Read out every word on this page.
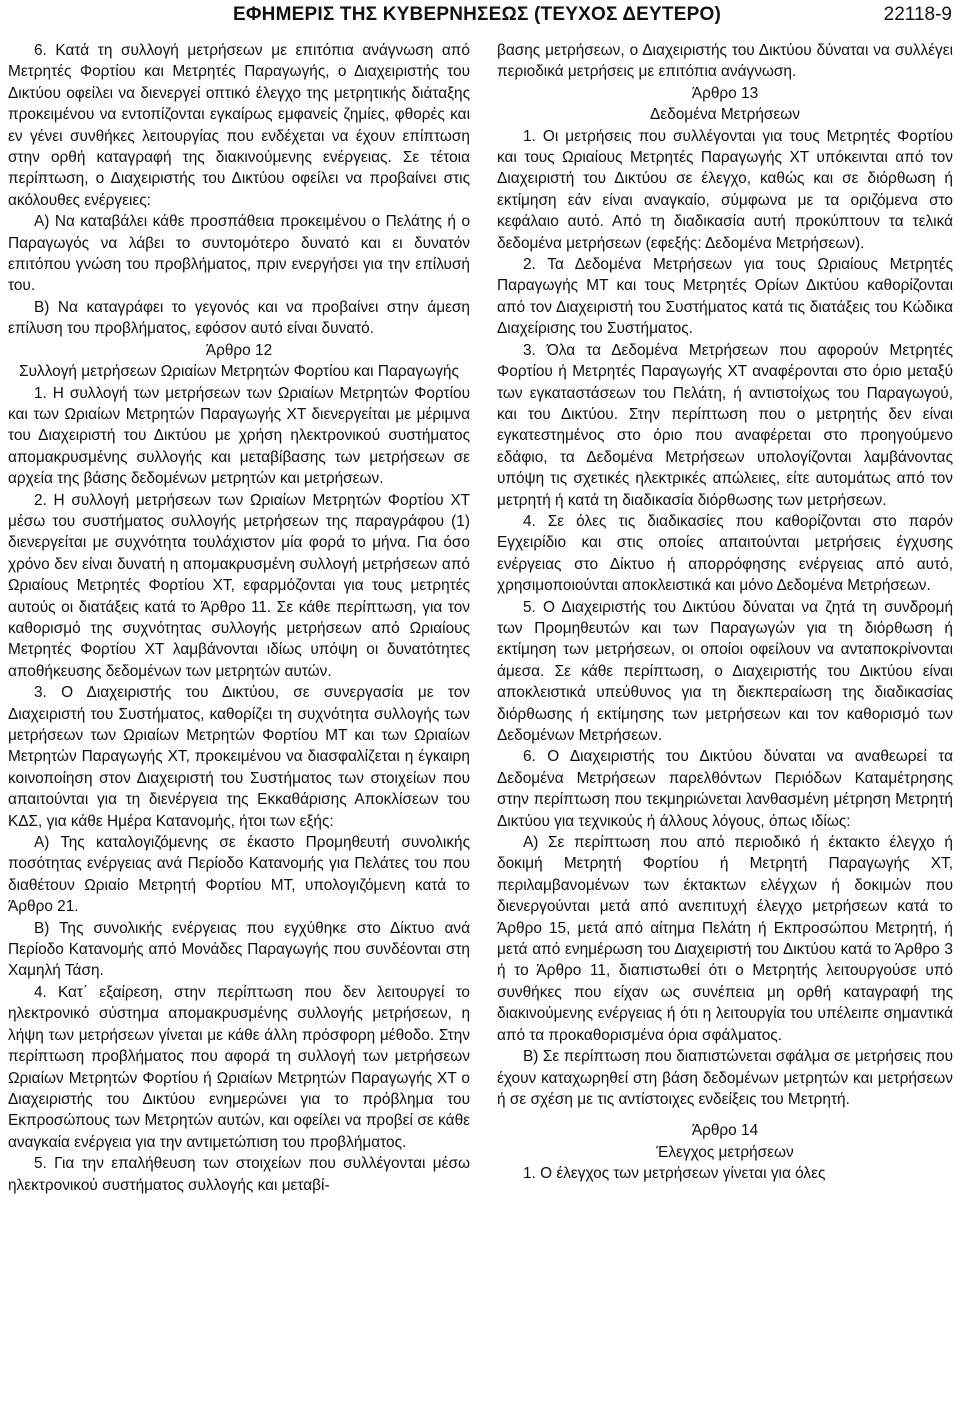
ΕΦΗΜΕΡΙΣ ΤΗΣ ΚΥΒΕΡΝΗΣΕΩΣ (ΤΕΥΧΟΣ ΔΕΥΤΕΡΟ)	22118-9

6. Κατά τη συλλογή μετρήσεων με επιτόπια ανάγνωση από Μετρητές Φορτίου και Μετρητές Παραγωγής, ο Διαχειριστής του Δικτύου οφείλει να διενεργεί οπτικό έλεγχο της μετρητικής διάταξης προκειμένου να εντοπίζονται εγκαίρως εμφανείς ζημίες, φθορές και εν γένει συνθήκες λειτουργίας που ενδέχεται να έχουν επίπτωση στην ορθή καταγραφή της διακινούμενης ενέργειας. Σε τέτοια περίπτωση, ο Διαχειριστής του Δικτύου οφείλει να προβαίνει στις ακόλουθες ενέργειες:

Α) Να καταβάλει κάθε προσπάθεια προκειμένου ο Πελάτης ή ο Παραγωγός να λάβει το συντομότερο δυνατό και ει δυνατόν επιτόπου γνώση του προβλήματος, πριν ενεργήσει για την επίλυσή του.

Β) Να καταγράφει το γεγονός και να προβαίνει στην άμεση επίλυση του προβλήματος, εφόσον αυτό είναι δυνατό.

Άρθρο 12

Συλλογή μετρήσεων Ωριαίων Μετρητών Φορτίου και Παραγωγής

1. Η συλλογή των μετρήσεων των Ωριαίων Μετρητών Φορτίου και των Ωριαίων Μετρητών Παραγωγής ΧΤ διενεργείται με μέριμνα του Διαχειριστή του Δικτύου με χρήση ηλεκτρονικού συστήματος απομακρυσμένης συλλογής και μεταβίβασης των μετρήσεων σε αρχεία της βάσης δεδομένων μετρητών και μετρήσεων.

2. Η συλλογή μετρήσεων των Ωριαίων Μετρητών Φορτίου ΧΤ μέσω του συστήματος συλλογής μετρήσεων της παραγράφου (1) διενεργείται με συχνότητα τουλάχιστον μία φορά το μήνα. Για όσο χρόνο δεν είναι δυνατή η απομακρυσμένη συλλογή μετρήσεων από Ωριαίους Μετρητές Φορτίου ΧΤ, εφαρμόζονται για τους μετρητές αυτούς οι διατάξεις κατά το Άρθρο 11. Σε κάθε περίπτωση, για τον καθορισμό της συχνότητας συλλογής μετρήσεων από Ωριαίους Μετρητές Φορτίου ΧΤ λαμβάνονται ιδίως υπόψη οι δυνατότητες αποθήκευσης δεδομένων των μετρητών αυτών.

3. Ο Διαχειριστής του Δικτύου, σε συνεργασία με τον Διαχειριστή του Συστήματος, καθορίζει τη συχνότητα συλλογής των μετρήσεων των Ωριαίων Μετρητών Φορτίου ΜΤ και των Ωριαίων Μετρητών Παραγωγής ΧΤ, προκειμένου να διασφαλίζεται η έγκαιρη κοινοποίηση στον Διαχειριστή του Συστήματος των στοιχείων που απαιτούνται για τη διενέργεια της Εκκαθάρισης Αποκλίσεων του ΚΔΣ, για κάθε Ημέρα Κατανομής, ήτοι των εξής:

Α) Της καταλογιζόμενης σε έκαστο Προμηθευτή συνολικής ποσότητας ενέργειας ανά Περίοδο Κατανομής για Πελάτες του που διαθέτουν Ωριαίο Μετρητή Φορτίου ΜΤ, υπολογιζόμενη κατά το Άρθρο 21.

Β) Της συνολικής ενέργειας που εγχύθηκε στο Δίκτυο ανά Περίοδο Κατανομής από Μονάδες Παραγωγής που συνδέονται στη Χαμηλή Τάση.

4. Κατ΄ εξαίρεση, στην περίπτωση που δεν λειτουργεί το ηλεκτρονικό σύστημα απομακρυσμένης συλλογής μετρήσεων, η λήψη των μετρήσεων γίνεται με κάθε άλλη πρόσφορη μέθοδο. Στην περίπτωση προβλήματος που αφορά τη συλλογή των μετρήσεων Ωριαίων Μετρητών Φορτίου ή Ωριαίων Μετρητών Παραγωγής ΧΤ ο Διαχειριστής του Δικτύου ενημερώνει για το πρόβλημα του Εκπροσώπους των Μετρητών αυτών, και οφείλει να προβεί σε κάθε αναγκαία ενέργεια για την αντιμετώπιση του προβλήματος.

5. Για την επαλήθευση των στοιχείων που συλλέγονται μέσω ηλεκτρονικού συστήματος συλλογής και μεταβί-

βασης μετρήσεων, ο Διαχειριστής του Δικτύου δύναται να συλλέγει περιοδικά μετρήσεις με επιτόπια ανάγνωση.

Άρθρο 13

Δεδομένα Μετρήσεων

1. Οι μετρήσεις που συλλέγονται για τους Μετρητές Φορτίου και τους Ωριαίους Μετρητές Παραγωγής ΧΤ υπόκεινται από τον Διαχειριστή του Δικτύου σε έλεγχο, καθώς και σε διόρθωση ή εκτίμηση εάν είναι αναγκαίο, σύμφωνα με τα οριζόμενα στο κεφάλαιο αυτό. Από τη διαδικασία αυτή προκύπτουν τα τελικά δεδομένα μετρήσεων (εφεξής: Δεδομένα Μετρήσεων).

2. Τα Δεδομένα Μετρήσεων για τους Ωριαίους Μετρητές Παραγωγής ΜΤ και τους Μετρητές Ορίων Δικτύου καθορίζονται από τον Διαχειριστή του Συστήματος κατά τις διατάξεις του Κώδικα Διαχείρισης του Συστήματος.

3. Όλα τα Δεδομένα Μετρήσεων που αφορούν Μετρητές Φορτίου ή Μετρητές Παραγωγής ΧΤ αναφέρονται στο όριο μεταξύ των εγκαταστάσεων του Πελάτη, ή αντιστοίχως του Παραγωγού, και του Δικτύου. Στην περίπτωση που ο μετρητής δεν είναι εγκατεστημένος στο όριο που αναφέρεται στο προηγούμενο εδάφιο, τα Δεδομένα Μετρήσεων υπολογίζονται λαμβάνοντας υπόψη τις σχετικές ηλεκτρικές απώλειες, είτε αυτομάτως από τον μετρητή ή κατά τη διαδικασία διόρθωσης των μετρήσεων.

4. Σε όλες τις διαδικασίες που καθορίζονται στο παρόν Εγχειρίδιο και στις οποίες απαιτούνται μετρήσεις έγχυσης ενέργειας στο Δίκτυο ή απορρόφησης ενέργειας από αυτό, χρησιμοποιούνται αποκλειστικά και μόνο Δεδομένα Μετρήσεων.

5. Ο Διαχειριστής του Δικτύου δύναται να ζητά τη συνδρομή των Προμηθευτών και των Παραγωγών για τη διόρθωση ή εκτίμηση των μετρήσεων, οι οποίοι οφείλουν να ανταποκρίνονται άμεσα. Σε κάθε περίπτωση, ο Διαχειριστής του Δικτύου είναι αποκλειστικά υπεύθυνος για τη διεκπεραίωση της διαδικασίας διόρθωσης ή εκτίμησης των μετρήσεων και τον καθορισμό των Δεδομένων Μετρήσεων.

6. Ο Διαχειριστής του Δικτύου δύναται να αναθεωρεί τα Δεδομένα Μετρήσεων παρελθόντων Περιόδων Καταμέτρησης στην περίπτωση που τεκμηριώνεται λανθασμένη μέτρηση Μετρητή Δικτύου για τεχνικούς ή άλλους λόγους, όπως ιδίως:

Α) Σε περίπτωση που από περιοδικό ή έκτακτο έλεγχο ή δοκιμή Μετρητή Φορτίου ή Μετρητή Παραγωγής ΧΤ, περιλαμβανομένων των έκτακτων ελέγχων ή δοκιμών που διενεργούνται μετά από ανεπιτυχή έλεγχο μετρήσεων κατά το Άρθρο 15, μετά από αίτημα Πελάτη ή Εκπροσώπου Μετρητή, ή μετά από ενημέρωση του Διαχειριστή του Δικτύου κατά το Άρθρο 3 ή το Άρθρο 11, διαπιστωθεί ότι ο Μετρητής λειτουργούσε υπό συνθήκες που είχαν ως συνέπεια μη ορθή καταγραφή της διακινούμενης ενέργειας ή ότι η λειτουργία του υπέλειπε σημαντικά από τα προκαθορισμένα όρια σφάλματος.

Β) Σε περίπτωση που διαπιστώνεται σφάλμα σε μετρήσεις που έχουν καταχωρηθεί στη βάση δεδομένων μετρητών και μετρήσεων ή σε σχέση με τις αντίστοιχες ενδείξεις του Μετρητή.

Άρθρο 14

Έλεγχος μετρήσεων

1. Ο έλεγχος των μετρήσεων γίνεται για όλες
